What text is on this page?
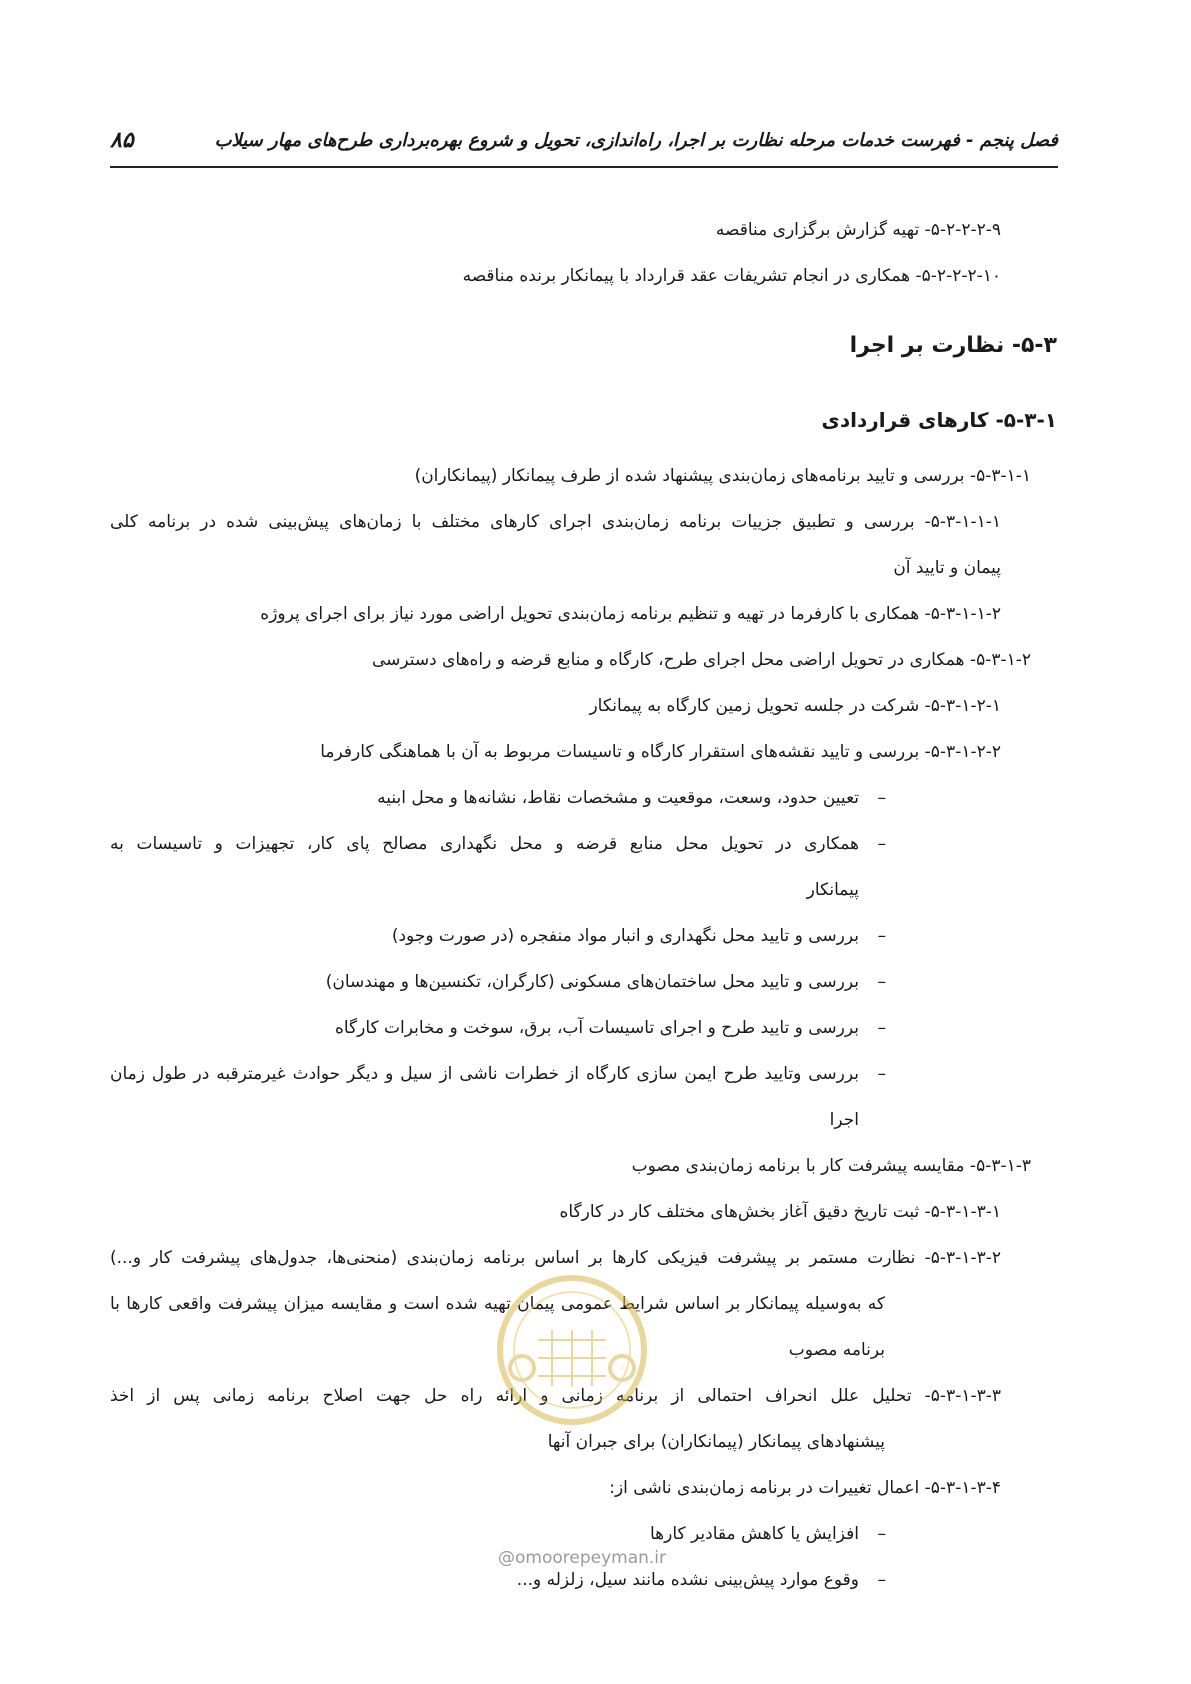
فصل پنجم - فهرست خدمات مرحله نظارت بر اجرا، راه‌اندازی، تحویل و شروع بهره‌برداری طرح‌های مهار سیلاب
۸۵
۵-۲-۲-۲-۹- تهیه گزارش برگزاری مناقصه
۵-۲-۲-۲-۱۰- همکاری در انجام تشریفات عقد قرارداد با پیمانکار برنده مناقصه
۵-۳- نظارت بر اجرا
۵-۳-۱- کارهای قراردادی
۵-۳-۱-۱- بررسی و تایید برنامه‌های زمان‌بندی پیشنهاد شده از طرف پیمانکار (پیمانکاران)
۵-۳-۱-۱-۱- بررسی و تطبیق جزییات برنامه زمان‌بندی اجرای کارهای مختلف با زمان‌های پیش‌بینی شده در برنامه کلی
پیمان و تایید آن
۵-۳-۱-۱-۲- همکاری با کارفرما در تهیه و تنظیم برنامه زمان‌بندی تحویل اراضی مورد نیاز برای اجرای پروژه
۵-۳-۱-۲- همکاری در تحویل اراضی محل اجرای طرح، کارگاه و منابع قرضه و راه‌های دسترسی
۵-۳-۱-۲-۱- شرکت در جلسه تحویل زمین کارگاه به پیمانکار
۵-۳-۱-۲-۲- بررسی و تایید نقشه‌های استقرار کارگاه و تاسیسات مربوط به آن با هماهنگی کارفرما
–
تعیین حدود، وسعت، موقعیت و مشخصات نقاط، نشانه‌ها و محل ابنیه
–
همکاری در تحویل محل منابع قرضه و محل نگهداری مصالح پای کار، تجهیزات و تاسیسات به
پیمانکار
–
بررسی و تایید محل نگهداری و انبار مواد منفجره (در صورت وجود)
–
بررسی و تایید محل ساختمان‌های مسکونی (کارگران، تکنسین‌ها و مهندسان)
–
بررسی و تایید طرح و اجرای تاسیسات آب، برق، سوخت و مخابرات کارگاه
–
بررسی وتایید طرح ایمن سازی کارگاه از خطرات ناشی از سیل و دیگر حوادث غیرمترقبه در طول زمان
اجرا
۵-۳-۱-۳- مقایسه پیشرفت کار با برنامه زمان‌بندی مصوب
۵-۳-۱-۳-۱- ثبت تاریخ دقیق آغاز بخش‌های مختلف کار در کارگاه
۵-۳-۱-۳-۲- نظارت مستمر بر پیشرفت فیزیکی کارها بر اساس برنامه زمان‌بندی (منحنی‌ها، جدول‌های پیشرفت کار و...)
که به‌وسیله پیمانکار بر اساس شرایط عمومی پیمان تهیه شده است و مقایسه میزان پیشرفت واقعی کارها با
برنامه مصوب
۵-۳-۱-۳-۳- تحلیل علل انحراف احتمالی از برنامه زمانی و ارائه راه حل جهت اصلاح برنامه زمانی پس از اخذ
پیشنهادهای پیمانکار (پیمانکاران) برای جبران آنها
۵-۳-۱-۳-۴- اعمال تغییرات در برنامه زمان‌بندی ناشی از:
–
افزایش یا کاهش مقادیر کارها
–
وقوع موارد پیش‌بینی نشده مانند سیل، زلزله و...
@omoorepeyman.ir
